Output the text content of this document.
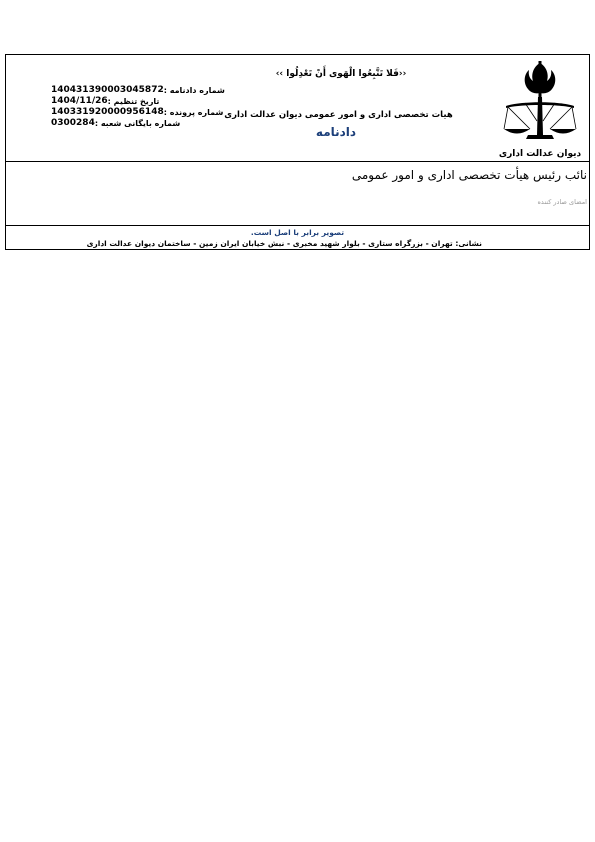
دیوان عدالت اداری
‹‹فَلا تَتَّبِعُوا الْهَوى أَنْ تَعْدِلُوا ››
هیات تخصصی اداری و امور عمومی دیوان عدالت اداری
دادنامه
شماره دادنامه :
140431390003045872
تاریخ تنظیم :
1404/11/26
شماره پرونده :
140331920000956148
شماره بایگانی شعبه :
0300284
نائب رئیس هیأت تخصصی اداری و امور عمومی
امضای صادر کننده
تصویر برابر با اصل است.
نشانی: تهران - بزرگراه ستاری - بلوار شهید مخبری - نبش خیابان ایران زمین - ساختمان دیوان عدالت اداری
